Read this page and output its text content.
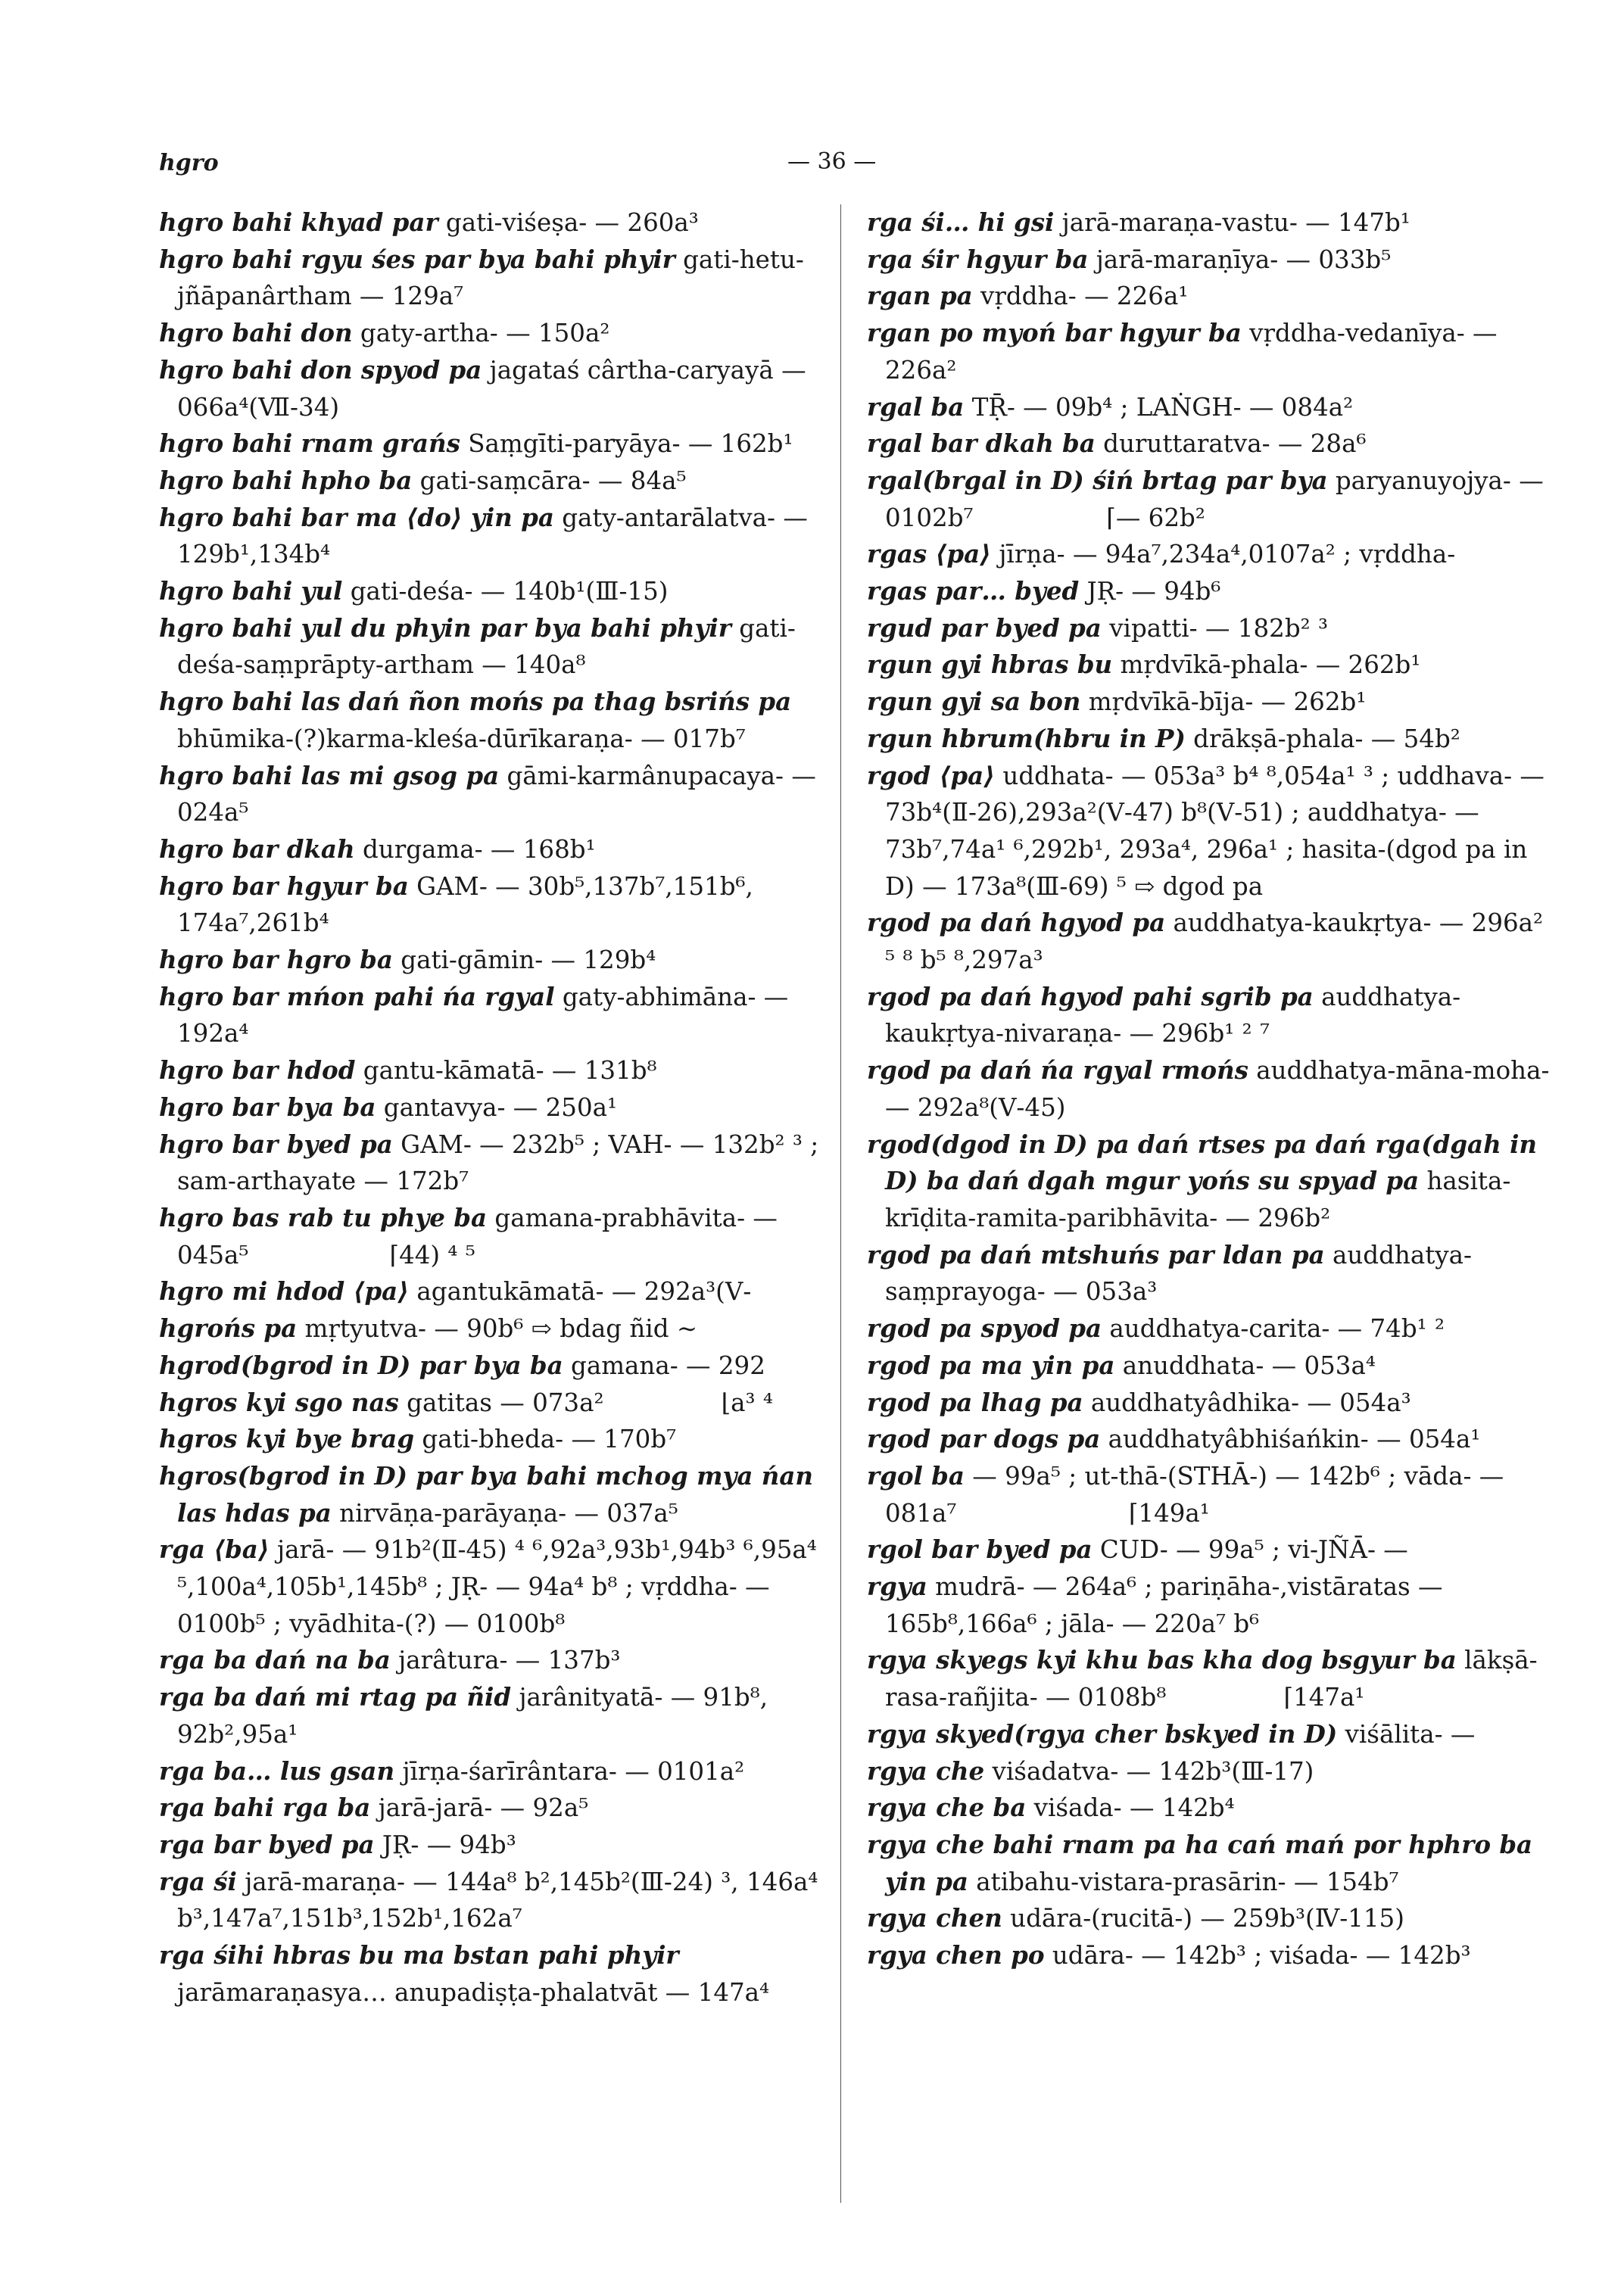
hgro	— 36 —
hgro bahi khyad par gati-viśeṣa- — 260a³
hgro bahi rgyu śes par bya bahi phyir gati-hetu-jñāpanârtham — 129a⁷
hgro bahi don gaty-artha- — 150a²
hgro bahi don spyod pa jagataś cârtha-caryayā — 066a⁴(Ⅶ-34)
hgro bahi rnam grańs Saṃgīti-paryāya- — 162b¹
hgro bahi hpho ba gati-saṃcāra- — 84a⁵
hgro bahi bar ma ⟨do⟩ yin pa gaty-antarālatva- — 129b¹,134b⁴
hgro bahi yul gati-deśa- — 140b¹(Ⅲ-15)
hgro bahi yul du phyin par bya bahi phyir gati-deśa-saṃprāpty-artham — 140a⁸
hgro bahi las dań ñon mońs pa thag bsrińs pa bhūmika-(?)karma-kleśa-dūrīkaraṇa- — 017b⁷
hgro bahi las mi gsog pa gāmi-karmânupacaya- — 024a⁵
hgro bar dkah durgama- — 168b¹
hgro bar hgyur ba GAM- — 30b⁵,137b⁷,151b⁶, 174a⁷,261b⁴
hgro bar hgro ba gati-gāmin- — 129b⁴
hgro bar mńon pahi ńa rgyal gaty-abhimāna- — 192a⁴
hgro bar hdod gantu-kāmatā- — 131b⁸
hgro bar bya ba gantavya- — 250a¹
hgro bar byed pa GAM- — 232b⁵ ; VAH- — 132b² ³ ; sam-arthayate — 172b⁷
hgro bas rab tu phye ba gamana-prabhāvita- — 045a⁵                  ⌈44) ⁴ ⁵
hgro mi hdod ⟨pa⟩ agantukāmatā- — 292a³(Ⅴ-
hgrońs pa mṛtyutva- — 90b⁶ ⇨ bdag ñid ∼
hgrod(bgrod in D) par bya ba gamana- — 292
hgros kyi sgo nas gatitas — 073a²               ⌊a³ ⁴
hgros kyi bye brag gati-bheda- — 170b⁷
hgros(bgrod in D) par bya bahi mchog mya ńan las hdas pa nirvāṇa-parāyaṇa- — 037a⁵
rga ⟨ba⟩ jarā- — 91b²(Ⅱ-45) ⁴ ⁶,92a³,93b¹,94b³ ⁶,95a⁴ ⁵,100a⁴,105b¹,145b⁸ ; JṚ- — 94a⁴ b⁸ ; vṛddha- — 0100b⁵ ; vyādhita-(?) — 0100b⁸
rga ba dań na ba jarâtura- — 137b³
rga ba dań mi rtag pa ñid jarânityatā- — 91b⁸, 92b²,95a¹
rga ba… lus gsan jīrṇa-śarīrântara- — 0101a²
rga bahi rga ba jarā-jarā- — 92a⁵
rga bar byed pa JṚ- — 94b³
rga śi jarā-maraṇa- — 144a⁸ b²,145b²(Ⅲ-24) ³, 146a⁴ b³,147a⁷,151b³,152b¹,162a⁷
rga śihi hbras bu ma bstan pahi phyir jarāmaraṇasya… anupadiṣṭa-phalatvāt — 147a⁴
rga śi… hi gsi jarā-maraṇa-vastu- — 147b¹
rga śir hgyur ba jarā-maraṇīya- — 033b⁵
rgan pa vṛddha- — 226a¹
rgan po myoń bar hgyur ba vṛddha-vedanīya- — 226a²
rgal ba TṜ- — 09b⁴ ; LAṄGH- — 084a²
rgal bar dkah ba duruttaratva- — 28a⁶
rgal(brgal in D) śiń brtag par bya paryanuyojya- — 0102b⁷                 ⌈— 62b²
rgas ⟨pa⟩ jīrṇa- — 94a⁷,234a⁴,0107a² ; vṛddha-
rgas par… byed JṚ- — 94b⁶
rgud par byed pa vipatti- — 182b² ³
rgun gyi hbras bu mṛdvīkā-phala- — 262b¹
rgun gyi sa bon mṛdvīkā-bīja- — 262b¹
rgun hbrum(hbru in P) drākṣā-phala- — 54b²
rgod ⟨pa⟩ uddhata- — 053a³ b⁴ ⁸,054a¹ ³ ; uddhava- — 73b⁴(Ⅱ-26),293a²(Ⅴ-47) b⁸(Ⅴ-51) ; auddhatya- — 73b⁷,74a¹ ⁶,292b¹, 293a⁴, 296a¹ ; hasita-(dgod pa in D) — 173a⁸(Ⅲ-69) ⁵ ⇨ dgod pa
rgod pa dań hgyod pa auddhatya-kaukṛtya- — 296a² ⁵ ⁸ b⁵ ⁸,297a³
rgod pa dań hgyod pahi sgrib pa auddhatya-kaukṛtya-nivaraṇa- — 296b¹ ² ⁷
rgod pa dań ńa rgyal rmońs auddhatya-māna-moha- — 292a⁸(Ⅴ-45)
rgod(dgod in D) pa dań rtses pa dań rga(dgah in D) ba dań dgah mgur yońs su spyad pa hasita-krīḍita-ramita-paribhāvita- — 296b²
rgod pa dań mtshuńs par ldan pa auddhatya-saṃprayoga- — 053a³
rgod pa spyod pa auddhatya-carita- — 74b¹ ²
rgod pa ma yin pa anuddhata- — 053a⁴
rgod pa lhag pa auddhatyâdhika- — 054a³
rgod par dogs pa auddhatyâbhiśańkin- — 054a¹
rgol ba — 99a⁵ ; ut-thā-(STHĀ-) — 142b⁶ ; vāda- — 081a⁷                      ⌈149a¹
rgol bar byed pa CUD- — 99a⁵ ; vi-JÑĀ- —
rgya mudrā- — 264a⁶ ; pariṇāha-,vistāratas — 165b⁸,166a⁶ ; jāla- — 220a⁷ b⁶
rgya skyegs kyi khu bas kha dog bsgyur ba lākṣā-rasa-rañjita- — 0108b⁸               ⌈147a¹
rgya skyed(rgya cher bskyed in D) viśālita- —
rgya che viśadatva- — 142b³(Ⅲ-17)
rgya che ba viśada- — 142b⁴
rgya che bahi rnam pa ha cań mań por hphro ba yin pa atibahu-vistara-prasārin- — 154b⁷
rgya chen udāra-(rucitā-) — 259b³(Ⅳ-115)
rgya chen po udāra- — 142b³ ; viśada- — 142b³
